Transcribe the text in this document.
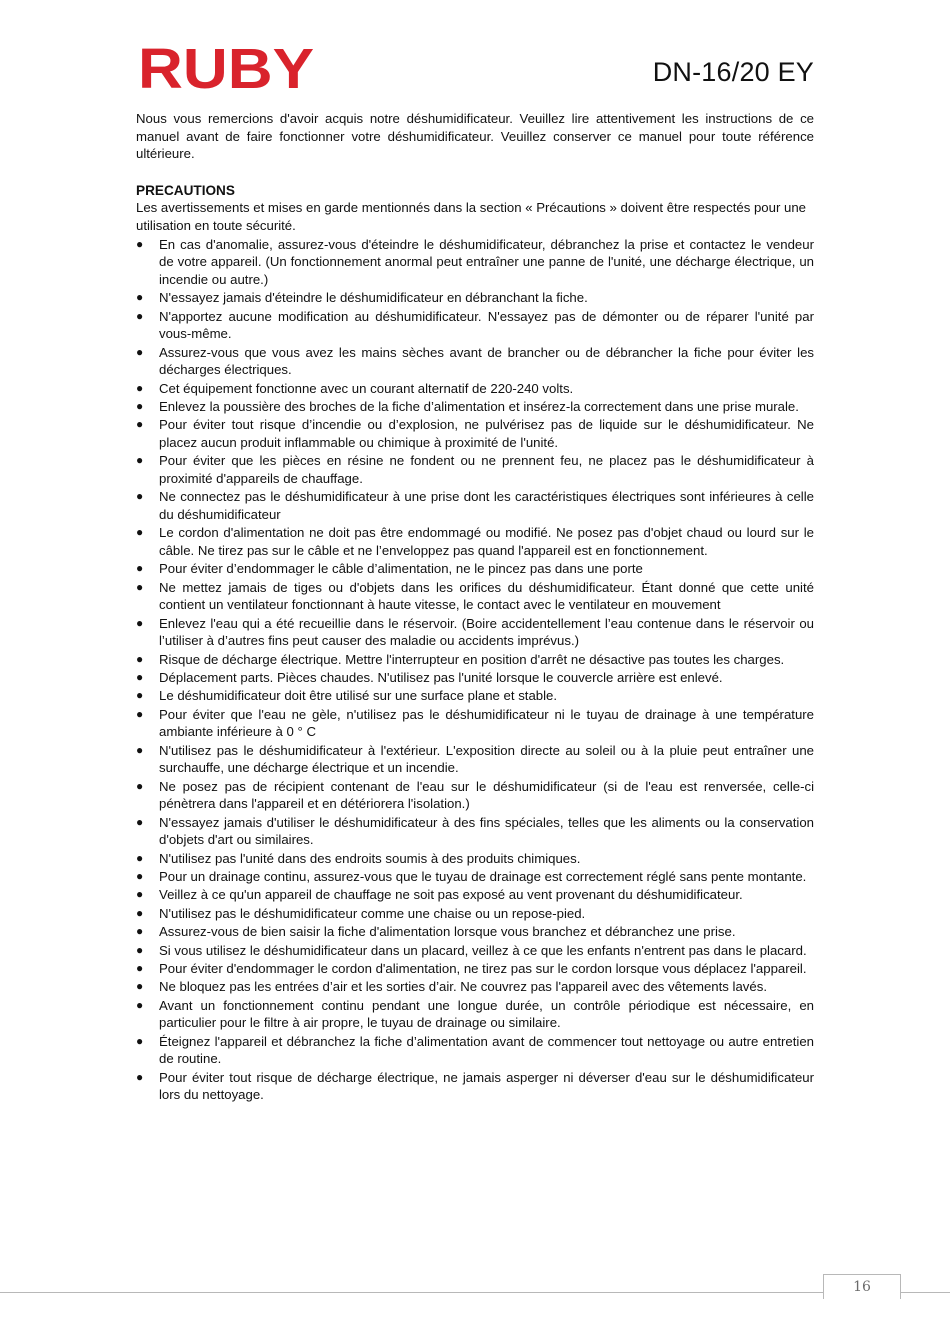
RUBY	DN-16/20 EY

Nous vous remercions d'avoir acquis notre déshumidificateur. Veuillez lire attentivement les instructions de ce manuel avant de faire fonctionner votre déshumidificateur. Veuillez conserver ce manuel pour toute référence ultérieure.

PRECAUTIONS

Les avertissements et mises en garde mentionnés dans la section « Précautions » doivent être respectés pour une utilisation en toute sécurité.

●	En cas d'anomalie, assurez-vous d'éteindre le déshumidificateur, débranchez la prise et contactez le vendeur de votre appareil. (Un fonctionnement anormal peut entraîner une panne de l'unité, une décharge électrique, un incendie ou autre.)
●	N'essayez jamais d'éteindre le déshumidificateur en débranchant la fiche.
●	N'apportez aucune modification au déshumidificateur. N'essayez pas de démonter ou de réparer l'unité par vous-même.
●	Assurez-vous que vous avez les mains sèches avant de brancher ou de débrancher la fiche pour éviter les décharges électriques.
●	Cet équipement fonctionne avec un courant alternatif de 220-240 volts.
●	Enlevez la poussière des broches de la fiche d’alimentation et insérez-la correctement dans une prise murale.
●	Pour éviter tout risque d’incendie ou d’explosion, ne pulvérisez pas de liquide sur le déshumidificateur. Ne placez aucun produit inflammable ou chimique à proximité de l'unité.
●	Pour éviter que les pièces en résine ne fondent ou ne prennent feu, ne placez pas le déshumidificateur à proximité d'appareils de chauffage.
●	Ne connectez pas le déshumidificateur à une prise dont les caractéristiques électriques sont inférieures à celle du déshumidificateur
●	Le cordon d'alimentation ne doit pas être endommagé ou modifié. Ne posez pas d'objet chaud ou lourd sur le câble. Ne tirez pas sur le câble et ne l’enveloppez pas quand l'appareil est en fonctionnement.
●	Pour éviter d’endommager le câble d’alimentation, ne le pincez pas dans une porte
●	Ne mettez jamais de tiges ou d'objets dans les orifices du déshumidificateur. Étant donné que cette unité contient un ventilateur fonctionnant à haute vitesse, le contact avec le ventilateur en mouvement
●	Enlevez l'eau qui a été recueillie dans le réservoir. (Boire accidentellement l’eau contenue dans le réservoir ou l’utiliser à d’autres fins peut causer des maladie ou accidents imprévus.)
●	Risque de décharge électrique. Mettre l'interrupteur en position d'arrêt ne désactive pas toutes les charges.
●	Déplacement parts. Pièces chaudes. N'utilisez pas l'unité lorsque le couvercle arrière est enlevé.
●	Le déshumidificateur doit être utilisé sur une surface plane et stable.
●	Pour éviter que l'eau ne gèle, n'utilisez pas le déshumidificateur ni le tuyau de drainage à une température ambiante inférieure à 0 ° C
●	N'utilisez pas le déshumidificateur à l'extérieur. L'exposition directe au soleil ou à la pluie peut entraîner une surchauffe, une décharge électrique et un incendie.
●	Ne posez pas de récipient contenant de l'eau sur le déshumidificateur (si de l'eau est renversée, celle-ci pénètrera dans l'appareil et en détériorera l'isolation.)
●	N'essayez jamais d'utiliser le déshumidificateur à des fins spéciales, telles que les aliments ou la conservation d'objets d'art ou similaires.
●	N'utilisez pas l'unité dans des endroits soumis à des produits chimiques.
●	Pour un drainage continu, assurez-vous que le tuyau de drainage est correctement réglé sans pente montante.
●	Veillez à ce qu'un appareil de chauffage ne soit pas exposé au vent provenant du déshumidificateur.
●	N'utilisez pas le déshumidificateur comme une chaise ou un repose-pied.
●	Assurez-vous de bien saisir la fiche d'alimentation lorsque vous branchez et débranchez une prise.
●	Si vous utilisez le déshumidificateur dans un placard, veillez à ce que les enfants n'entrent pas dans le placard.
●	Pour éviter d'endommager le cordon d'alimentation, ne tirez pas sur le cordon lorsque vous déplacez l'appareil.
●	Ne bloquez pas les entrées d’air et les sorties d’air. Ne couvrez pas l'appareil avec des vêtements lavés.
●	Avant un fonctionnement continu pendant une longue durée, un contrôle périodique est nécessaire, en particulier pour le filtre à air propre, le tuyau de drainage ou similaire.
●	Éteignez l'appareil et débranchez la fiche d’alimentation avant de commencer tout nettoyage ou autre entretien de routine.
●	Pour éviter tout risque de décharge électrique, ne jamais asperger ni déverser d'eau sur le déshumidificateur lors du nettoyage.
16
